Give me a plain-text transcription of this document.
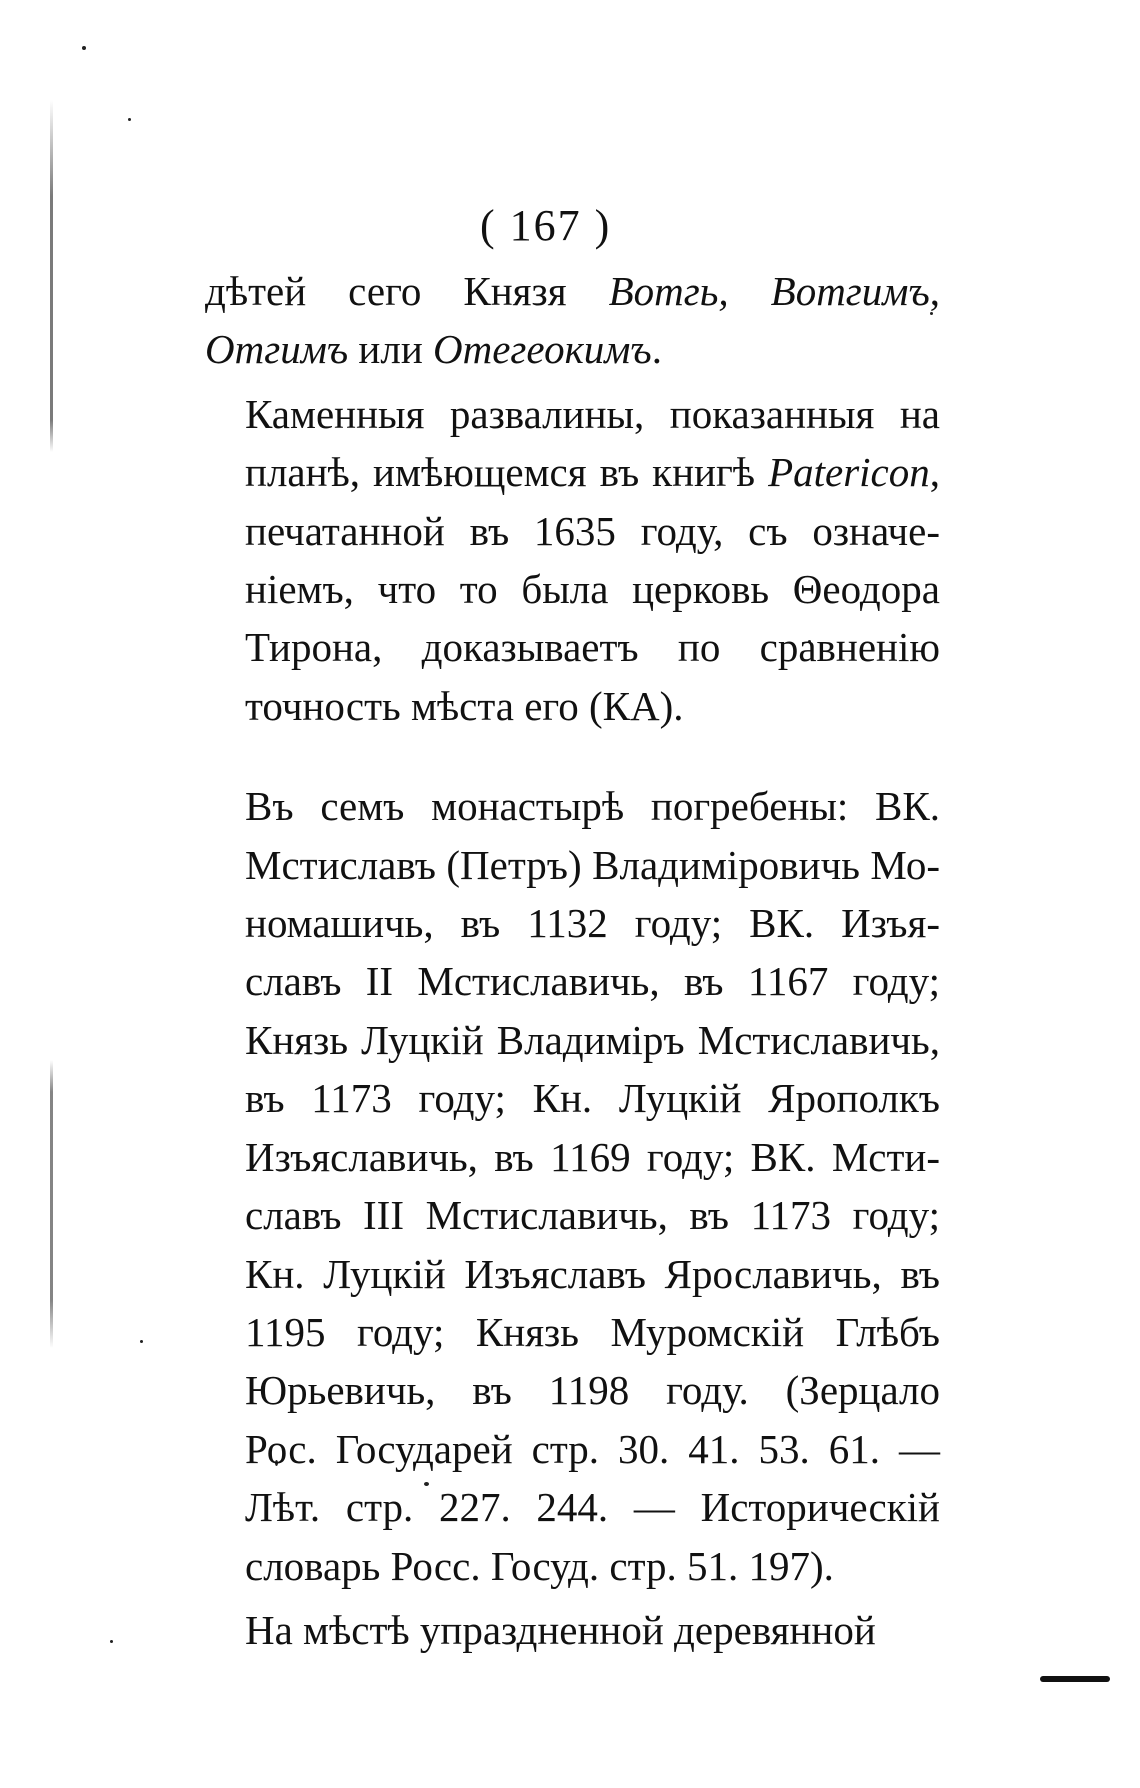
( 167 )

дѣтей сего Князя Вотгь, Вотгимъ,
Отгимъ или Отегеокимъ.

Каменныя развалины, показанныя на
планѣ, имѣющемся въ книгѣ Patericon,
печатанной въ 1635 году, съ означе-
нiемъ, что то была церковь Θеодора
Тирона, доказываетъ по сравненiю
точность мѣста его (КА).

Въ семъ монастырѣ погребены: ВК.
Мстиславъ (Петръ) Владимiровичь Мо-
номашичь, въ 1132 году; ВК. Изъя-
славъ II Мстиславичь, въ 1167 году;
Князь Луцкiй Владимiръ Мстиславичь,
въ 1173 году; Кн. Луцкiй Ярополкъ
Изъяславичь, въ 1169 году; ВК. Мсти-
славъ III Мстиславичь, въ 1173 году;
Кн. Луцкiй Изъяславъ Ярославичь, въ
1195 году; Князь Муромскiй Глѣбъ
Юрьевичь, въ 1198 году. (Зерцало
Рос. Государей стр. 30. 41. 53. 61. —
Лѣт. стр. 227. 244. — Историческiй
словарь Росс. Госуд. стр. 51. 197).

На мѣстѣ упраздненной деревянной
